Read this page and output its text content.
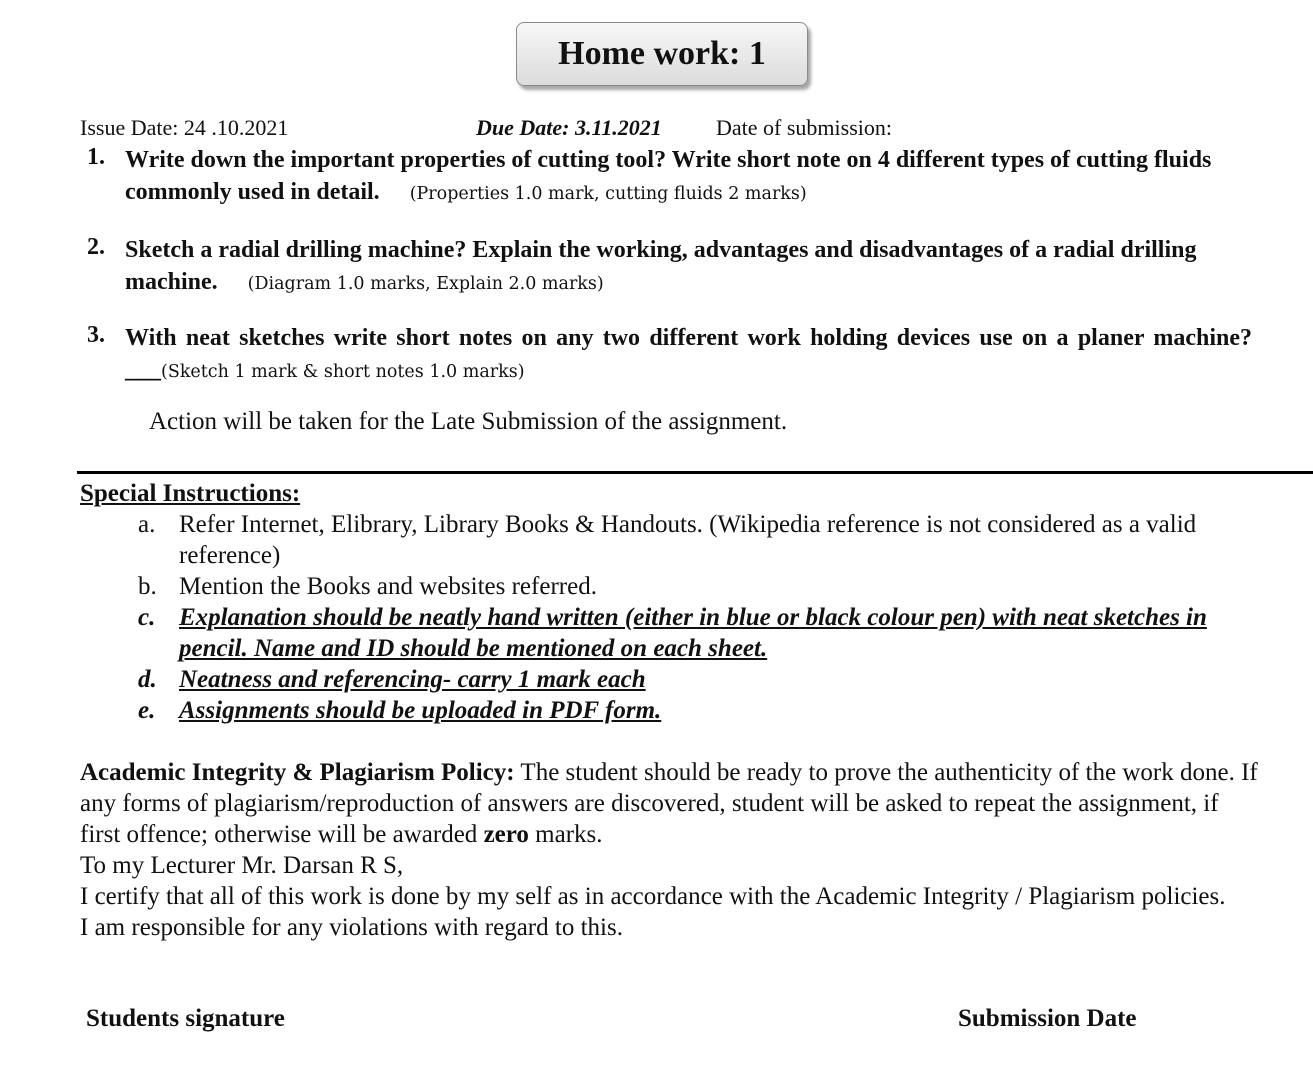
Home work: 1
Issue Date: 24 .10.2021	Due Date: 3.11.2021 Date of submission:
1. Write down the important properties of cutting tool? Write short note on 4 different types of cutting fluids commonly used in detail. (Properties 1.0 mark, cutting fluids 2 marks)
2. Sketch a radial drilling machine? Explain the working, advantages and disadvantages of a radial drilling machine. (Diagram 1.0 marks, Explain 2.0 marks)
3. With neat sketches write short notes on any two different work holding devices use on a planer machine?___(Sketch 1 mark & short notes 1.0 marks)
Action will be taken for the Late Submission of the assignment.
Special Instructions:
a. Refer Internet, Elibrary, Library Books & Handouts. (Wikipedia reference is not considered as a valid reference)
b. Mention the Books and websites referred.
c. Explanation should be neatly hand written (either in blue or black colour pen) with neat sketches in pencil. Name and ID should be mentioned on each sheet.
d. Neatness and referencing- carry 1 mark each
e. Assignments should be uploaded in PDF form.

Academic Integrity & Plagiarism Policy: The student should be ready to prove the authenticity of the work done. If any forms of plagiarism/reproduction of answers are discovered, student will be asked to repeat the assignment, if first offence; otherwise will be awarded zero marks.

To my Lecturer Mr. Darsan R S,

I certify that all of this work is done by my self as in accordance with the Academic Integrity / Plagiarism policies.

I am responsible for any violations with regard to this.

Students signature	Submission Date
